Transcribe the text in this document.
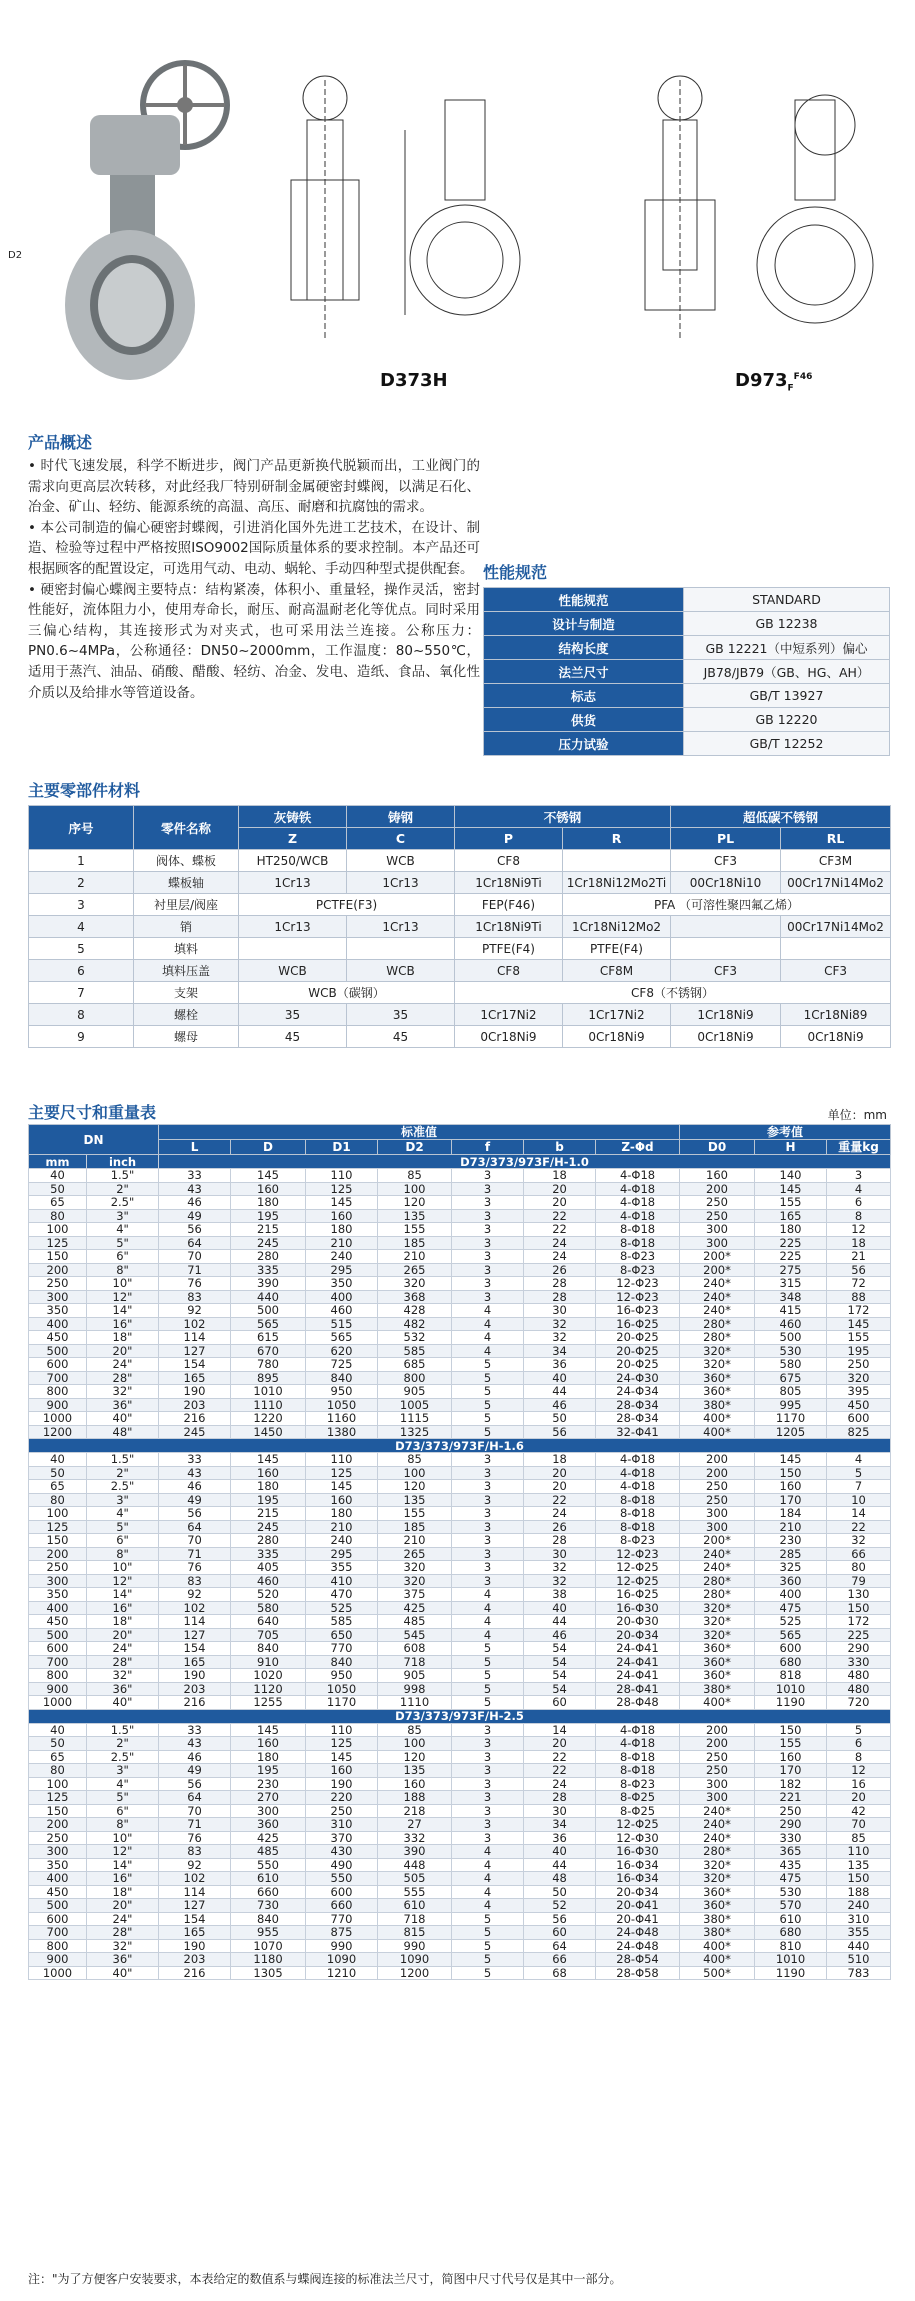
D2
D373H	$D973_F^{F46}$
产品概述

• 时代飞速发展，科学不断进步，阀门产品更新换代脱颖而出，工业阀门的需求向更高层次转移，对此经我厂特别研制金属硬密封蝶阀，以满足石化、冶金、矿山、轻纺、能源系统的高温、高压、耐磨和抗腐蚀的需求。

• 本公司制造的偏心硬密封蝶阀，引进消化国外先进工艺技术，在设计、制造、检验等过程中严格按照ISO9002国际质量体系的要求控制。本产品还可根据顾客的配置设定，可选用气动、电动、蜗轮、手动四种型式提供配套。

• 硬密封偏心蝶阀主要特点：结构紧凑，体积小、重量轻，操作灵活，密封性能好，流体阻力小，使用寿命长，耐压、耐高温耐老化等优点。同时采用三偏心结构，其连接形式为对夹式，也可采用法兰连接。公称压力：PN0.6~4MPa，公称通径：DN50~2000mm，工作温度：80~550℃，适用于蒸汽、油品、硝酸、醋酸、轻纺、冶金、发电、造纸、食品、氧化性介质以及给排水等管道设备。

性能规范
性能规范	STANDARD
设计与制造	GB 12238
结构长度	GB 12221（中短系列）偏心
法兰尺寸	JB78/JB79（GB、HG、AH）
标志	GB/T 13927
供货	GB 12220
压力试验	GB/T 12252
主要零部件材料
序号	零件名称	灰铸铁	铸钢	不锈钢		超低碳不锈钢	
		Z	C	P	R	PL	RL
1	阀体、蝶板	HT250/WCB	WCB	CF8		CF3	CF3M
2	蝶板轴	1Cr13	1Cr13	1Cr18Ni9Ti	1Cr18Ni12Mo2Ti	00Cr18Ni10	00Cr17Ni14Mo2
3	衬里层/阀座	PCTFE(F3)		FEP(F46)	PFA （可溶性聚四氟乙烯）		
4	销	1Cr13	1Cr13	1Cr18Ni9Ti	1Cr18Ni12Mo2		00Cr17Ni14Mo2
5	填料			PTFE(F4)	PTFE(F4)		
6	填料压盖	WCB	WCB	CF8	CF8M	CF3	CF3
7	支架	WCB（碳钢）		CF8（不锈钢）			
8	螺栓	35	35	1Cr17Ni2	1Cr17Ni2	1Cr18Ni9	1Cr18Ni89
9	螺母	45	45	0Cr18Ni9	0Cr18Ni9	0Cr18Ni9	0Cr18Ni9
主要尺寸和重量表	单位：mm
DN		标准值							参考值		
		L	D	D1	D2	f	b	Z-Φd	D0	H	重量kg
mm	inch	D73/373/973F/H-1.0									
40	1.5"	33	145	110	85	3	18	4-Φ18	160	140	3
50	2"	43	160	125	100	3	20	4-Φ18	200	145	4
65	2.5"	46	180	145	120	3	20	4-Φ18	250	155	6
80	3"	49	195	160	135	3	22	4-Φ18	250	165	8
100	4"	56	215	180	155	3	22	8-Φ18	300	180	12
125	5"	64	245	210	185	3	24	8-Φ18	300	225	18
150	6"	70	280	240	210	3	24	8-Φ23	200*	225	21
200	8"	71	335	295	265	3	26	8-Φ23	200*	275	56
250	10"	76	390	350	320	3	28	12-Φ23	240*	315	72
300	12"	83	440	400	368	3	28	12-Φ23	240*	348	88
350	14"	92	500	460	428	4	30	16-Φ23	240*	415	172
400	16"	102	565	515	482	4	32	16-Φ25	280*	460	145
450	18"	114	615	565	532	4	32	20-Φ25	280*	500	155
500	20"	127	670	620	585	4	34	20-Φ25	320*	530	195
600	24"	154	780	725	685	5	36	20-Φ25	320*	580	250
700	28"	165	895	840	800	5	40	24-Φ30	360*	675	320
800	32"	190	1010	950	905	5	44	24-Φ34	360*	805	395
900	36"	203	1110	1050	1005	5	46	28-Φ34	380*	995	450
1000	40"	216	1220	1160	1115	5	50	28-Φ34	400*	1170	600
1200	48"	245	1450	1380	1325	5	56	32-Φ41	400*	1205	825
D73/373/973F/H-1.6											
40	1.5"	33	145	110	85	3	18	4-Φ18	200	145	4
50	2"	43	160	125	100	3	20	4-Φ18	200	150	5
65	2.5"	46	180	145	120	3	20	4-Φ18	250	160	7
80	3"	49	195	160	135	3	22	8-Φ18	250	170	10
100	4"	56	215	180	155	3	24	8-Φ18	300	184	14
125	5"	64	245	210	185	3	26	8-Φ18	300	210	22
150	6"	70	280	240	210	3	28	8-Φ23	200*	230	32
200	8"	71	335	295	265	3	30	12-Φ23	240*	285	66
250	10"	76	405	355	320	3	32	12-Φ25	240*	325	80
300	12"	83	460	410	320	3	32	12-Φ25	280*	360	79
350	14"	92	520	470	375	4	38	16-Φ25	280*	400	130
400	16"	102	580	525	425	4	40	16-Φ30	320*	475	150
450	18"	114	640	585	485	4	44	20-Φ30	320*	525	172
500	20"	127	705	650	545	4	46	20-Φ34	320*	565	225
600	24"	154	840	770	608	5	54	24-Φ41	360*	600	290
700	28"	165	910	840	718	5	54	24-Φ41	360*	680	330
800	32"	190	1020	950	905	5	54	24-Φ41	360*	818	480
900	36"	203	1120	1050	998	5	54	28-Φ41	380*	1010	480
1000	40"	216	1255	1170	1110	5	60	28-Φ48	400*	1190	720
D73/373/973F/H-2.5											
40	1.5"	33	145	110	85	3	14	4-Φ18	200	150	5
50	2"	43	160	125	100	3	20	4-Φ18	200	155	6
65	2.5"	46	180	145	120	3	22	8-Φ18	250	160	8
80	3"	49	195	160	135	3	22	8-Φ18	250	170	12
100	4"	56	230	190	160	3	24	8-Φ23	300	182	16
125	5"	64	270	220	188	3	28	8-Φ25	300	221	20
150	6"	70	300	250	218	3	30	8-Φ25	240*	250	42
200	8"	71	360	310	27	3	34	12-Φ25	240*	290	70
250	10"	76	425	370	332	3	36	12-Φ30	240*	330	85
300	12"	83	485	430	390	4	40	16-Φ30	280*	365	110
350	14"	92	550	490	448	4	44	16-Φ34	320*	435	135
400	16"	102	610	550	505	4	48	16-Φ34	320*	475	150
450	18"	114	660	600	555	4	50	20-Φ34	360*	530	188
500	20"	127	730	660	610	4	52	20-Φ41	360*	570	240
600	24"	154	840	770	718	5	56	20-Φ41	380*	610	310
700	28"	165	955	875	815	5	60	24-Φ48	380*	680	355
800	32"	190	1070	990	990	5	64	24-Φ48	400*	810	440
900	36"	203	1180	1090	1090	5	66	28-Φ54	400*	1010	510
1000	40"	216	1305	1210	1200	5	68	28-Φ58	500*	1190	783
注："为了方便客户安装要求，本表给定的数值系与蝶阀连接的标准法兰尺寸，简图中尺寸代号仅是其中一部分。
